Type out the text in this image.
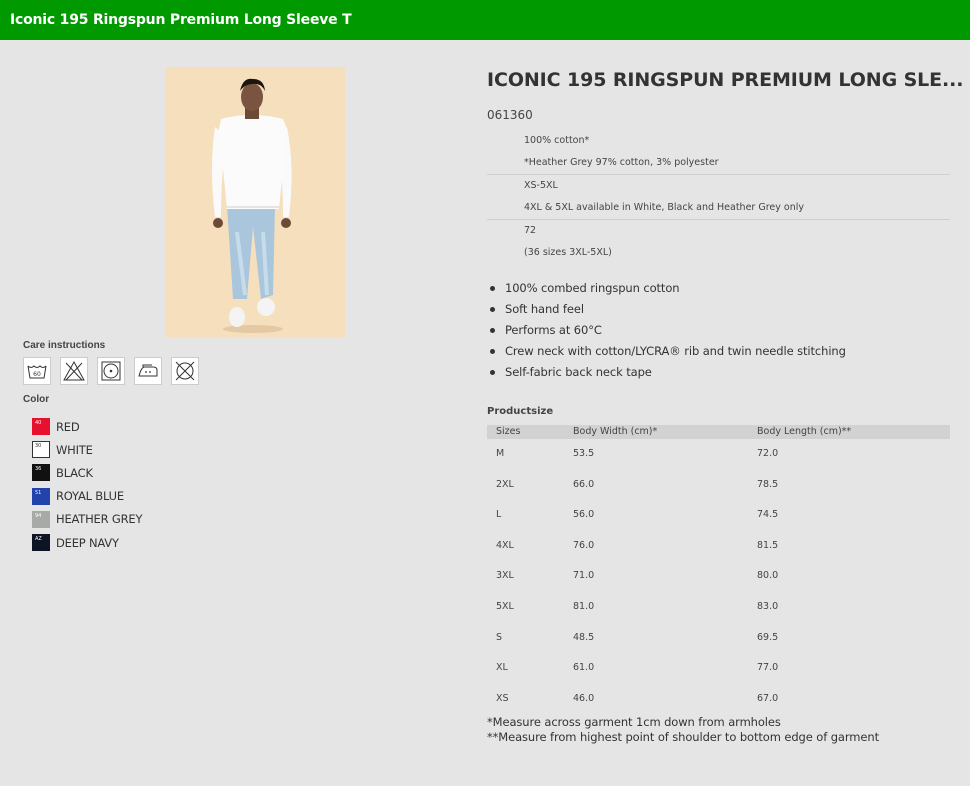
Iconic 195 Ringspun Premium Long Sleeve T
Care instructions
60
Color
40 RED
30 WHITE
36 BLACK
51 ROYAL BLUE
94 HEATHER GREY
AZ DEEP NAVY
ICONIC 195 RINGSPUN PREMIUM LONG SLE...
061360
100% cotton*
*Heather Grey 97% cotton, 3% polyester
XS-5XL
4XL & 5XL available in White, Black and Heather Grey only
72
(36 sizes 3XL-5XL)
100% combed ringspun cotton
Soft hand feel
Performs at 60°C
Crew neck with cotton/LYCRA® rib and twin needle stitching
Self-fabric back neck tape
Productsize
Sizes	Body Width (cm)*	Body Length (cm)**
M	53.5	72.0
2XL	66.0	78.5
L	56.0	74.5
4XL	76.0	81.5
3XL	71.0	80.0
5XL	81.0	83.0
S	48.5	69.5
XL	61.0	77.0
XS	46.0	67.0
*Measure across garment 1cm down from armholes
**Measure from highest point of shoulder to bottom edge of garment
